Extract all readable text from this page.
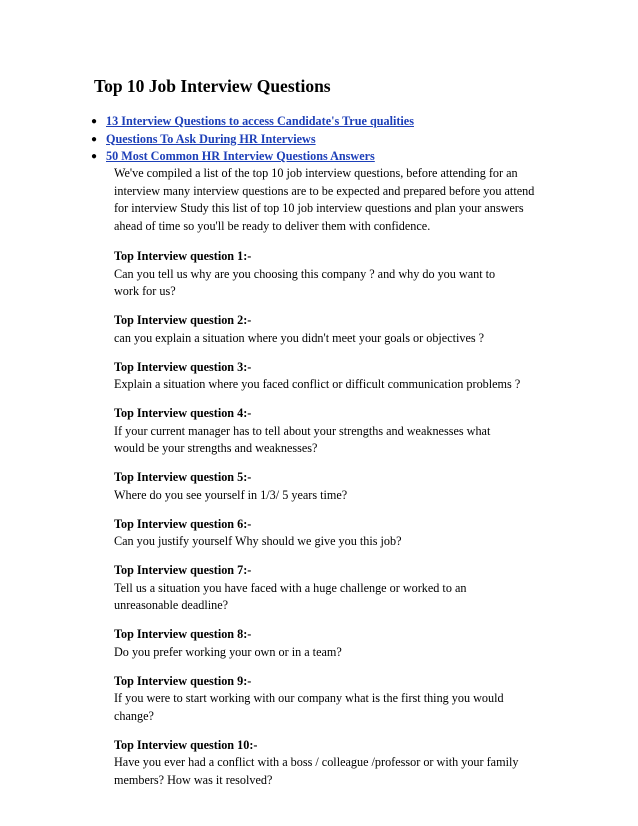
Top 10 Job Interview Questions
● 13 Interview Questions to access Candidate's True qualities
● Questions To Ask During HR Interviews
● 50 Most Common HR Interview Questions Answers

We've compiled a list of the top 10 job interview questions, before attending for an interview many interview questions are to be expected and prepared before you attend for interview Study this list of top 10 job interview questions and plan your answers ahead of time so you'll be ready to deliver them with confidence.

Top Interview question 1:-
Can you tell us why are you choosing this company ? and why do you want to work for us?
Top Interview question 2:-
can you explain a situation where you didn't meet your goals or objectives ?
Top Interview question 3:-
Explain a situation where you faced conflict or difficult communication problems ?
Top Interview question 4:-
If your current manager has to tell about your strengths and weaknesses what would be your strengths and weaknesses?
Top Interview question 5:-
Where do you see yourself in 1/3/ 5 years time?
Top Interview question 6:-
Can you justify yourself Why should we give you this job?
Top Interview question 7:-
Tell us a situation you have faced with a huge challenge or worked to an unreasonable deadline?
Top Interview question 8:-
Do you prefer working your own or in a team?
Top Interview question 9:-
If you were to start working with our company what is the first thing you would change?
Top Interview question 10:-
Have you ever had a conflict with a boss / colleague /professor or with your family members? How was it resolved?
